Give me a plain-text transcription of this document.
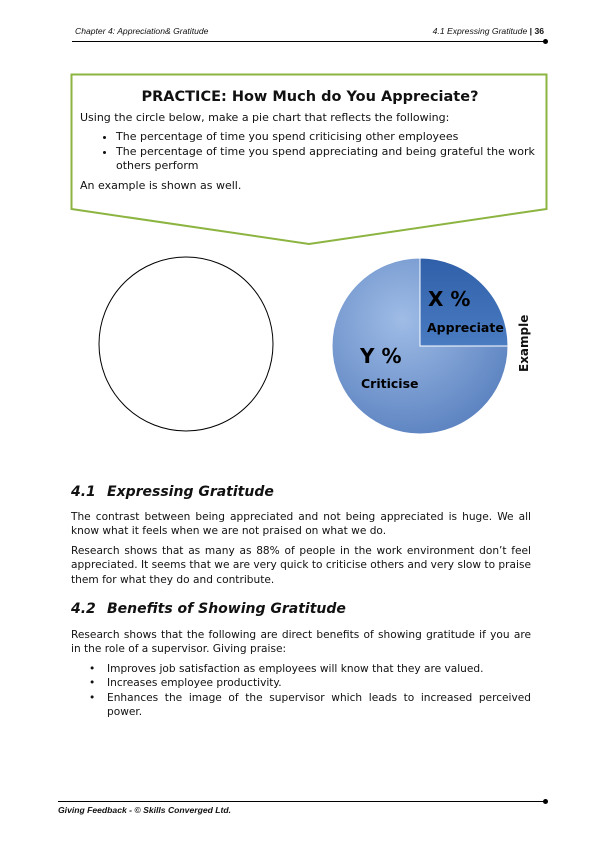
Chapter 4: Appreciation& Gratitude	4.1 Expressing Gratitude | 36
PRACTICE: How Much do You Appreciate?

Using the circle below, make a pie chart that reflects the following:

• The percentage of time you spend criticising other employees
• The percentage of time you spend appreciating and being grateful the work others perform

An example is shown as well.

X %
Appreciate
Y %
Criticise
Example
4.1 Expressing Gratitude
The contrast between being appreciated and not being appreciated is huge. We all know what it feels when we are not praised on what we do.
Research shows that as many as 88% of people in the work environment don’t feel appreciated. It seems that we are very quick to criticise others and very slow to praise them for what they do and contribute.
4.2 Benefits of Showing Gratitude
Research shows that the following are direct benefits of showing gratitude if you are in the role of a supervisor. Giving praise:
• Improves job satisfaction as employees will know that they are valued.
• Increases employee productivity.
• Enhances the image of the supervisor which leads to increased perceived power.
Giving Feedback - © Skills Converged Ltd.
